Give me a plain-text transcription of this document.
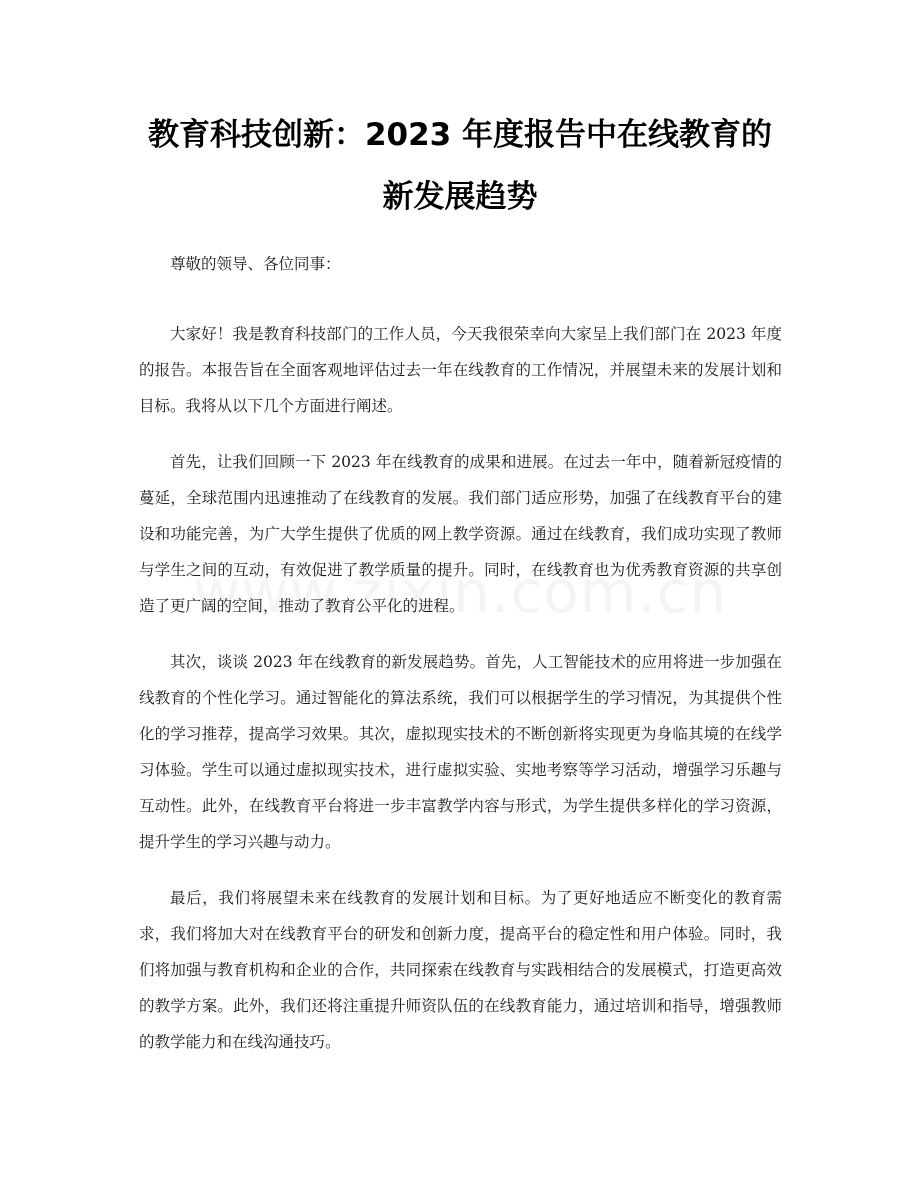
教育科技创新：2023 年度报告中在线教育的
新发展趋势

尊敬的领导、各位同事：

大家好！我是教育科技部门的工作人员，今天我很荣幸向大家呈上我们部门在 2023 年度的报告。本报告旨在全面客观地评估过去一年在线教育的工作情况，并展望未来的发展计划和目标。我将从以下几个方面进行阐述。

首先，让我们回顾一下 2023 年在线教育的成果和进展。在过去一年中，随着新冠疫情的蔓延，全球范围内迅速推动了在线教育的发展。我们部门适应形势，加强了在线教育平台的建设和功能完善，为广大学生提供了优质的网上教学资源。通过在线教育，我们成功实现了教师与学生之间的互动，有效促进了教学质量的提升。同时，在线教育也为优秀教育资源的共享创造了更广阔的空间，推动了教育公平化的进程。

其次，谈谈 2023 年在线教育的新发展趋势。首先，人工智能技术的应用将进一步加强在线教育的个性化学习。通过智能化的算法系统，我们可以根据学生的学习情况，为其提供个性化的学习推荐，提高学习效果。其次，虚拟现实技术的不断创新将实现更为身临其境的在线学习体验。学生可以通过虚拟现实技术，进行虚拟实验、实地考察等学习活动，增强学习乐趣与互动性。此外，在线教育平台将进一步丰富教学内容与形式，为学生提供多样化的学习资源，提升学生的学习兴趣与动力。

最后，我们将展望未来在线教育的发展计划和目标。为了更好地适应不断变化的教育需求，我们将加大对在线教育平台的研发和创新力度，提高平台的稳定性和用户体验。同时，我们将加强与教育机构和企业的合作，共同探索在线教育与实践相结合的发展模式，打造更高效的教学方案。此外，我们还将注重提升师资队伍的在线教育能力，通过培训和指导，增强教师的教学能力和在线沟通技巧。
